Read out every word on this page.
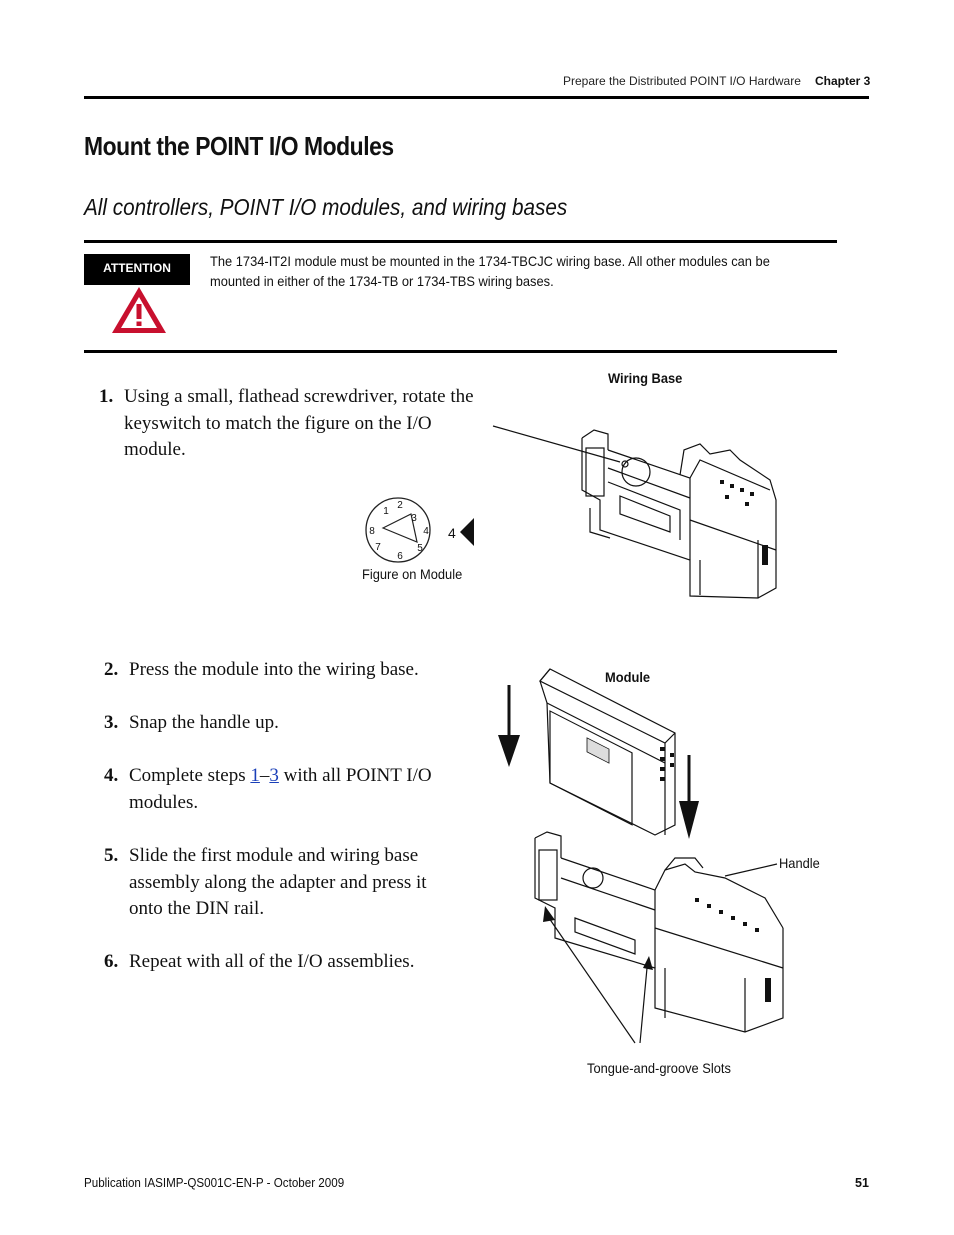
Prepare the Distributed POINT I/O Hardware Chapter 3
Mount the POINT I/O Modules
All controllers, POINT I/O modules, and wiring bases
ATTENTION	The 1734-IT2I module must be mounted in the 1734-TBCJC wiring base. All other modules can be
mounted in either of the 1734-TB or 1734-TBS wiring bases.
1. Using a small, flathead screwdriver, rotate the
keyswitch to match the figure on the I/O
module.
2. Press the module into the wiring base.
3. Snap the handle up.
4. Complete steps 1–3 with all POINT I/O
modules.
5. Slide the first module and wiring base
assembly along the adapter and press it
onto the DIN rail.
6. Repeat with all of the I/O assemblies.
Wiring Base
Figure on Module
Module
Handle
Tongue-and-groove Slots
1
2
3
4
5
6
7
8	4
Publication IASIMP-QS001C-EN-P - October 2009	51
